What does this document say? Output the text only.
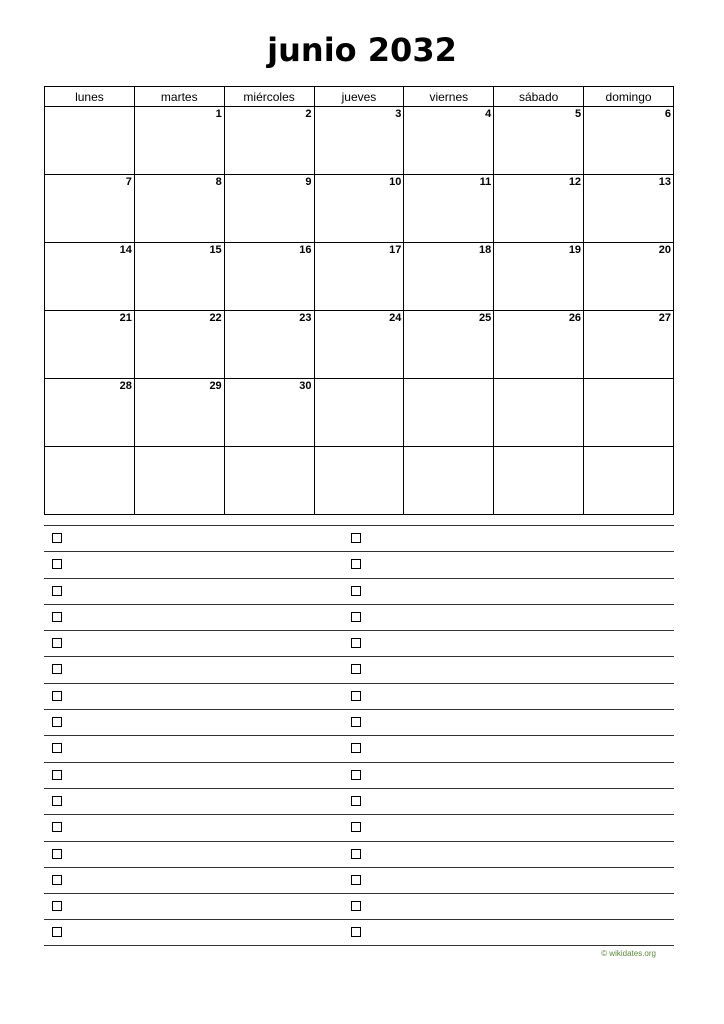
junio 2032
lunes	martes	miércoles	jueves	viernes	sábado	domingo

	1	2	3	4	5	6

7	8	9	10	11	12	13

14	15	16	17	18	19	20

21	22	23	24	25	26	27

28	29	30				

© wikidates.org
